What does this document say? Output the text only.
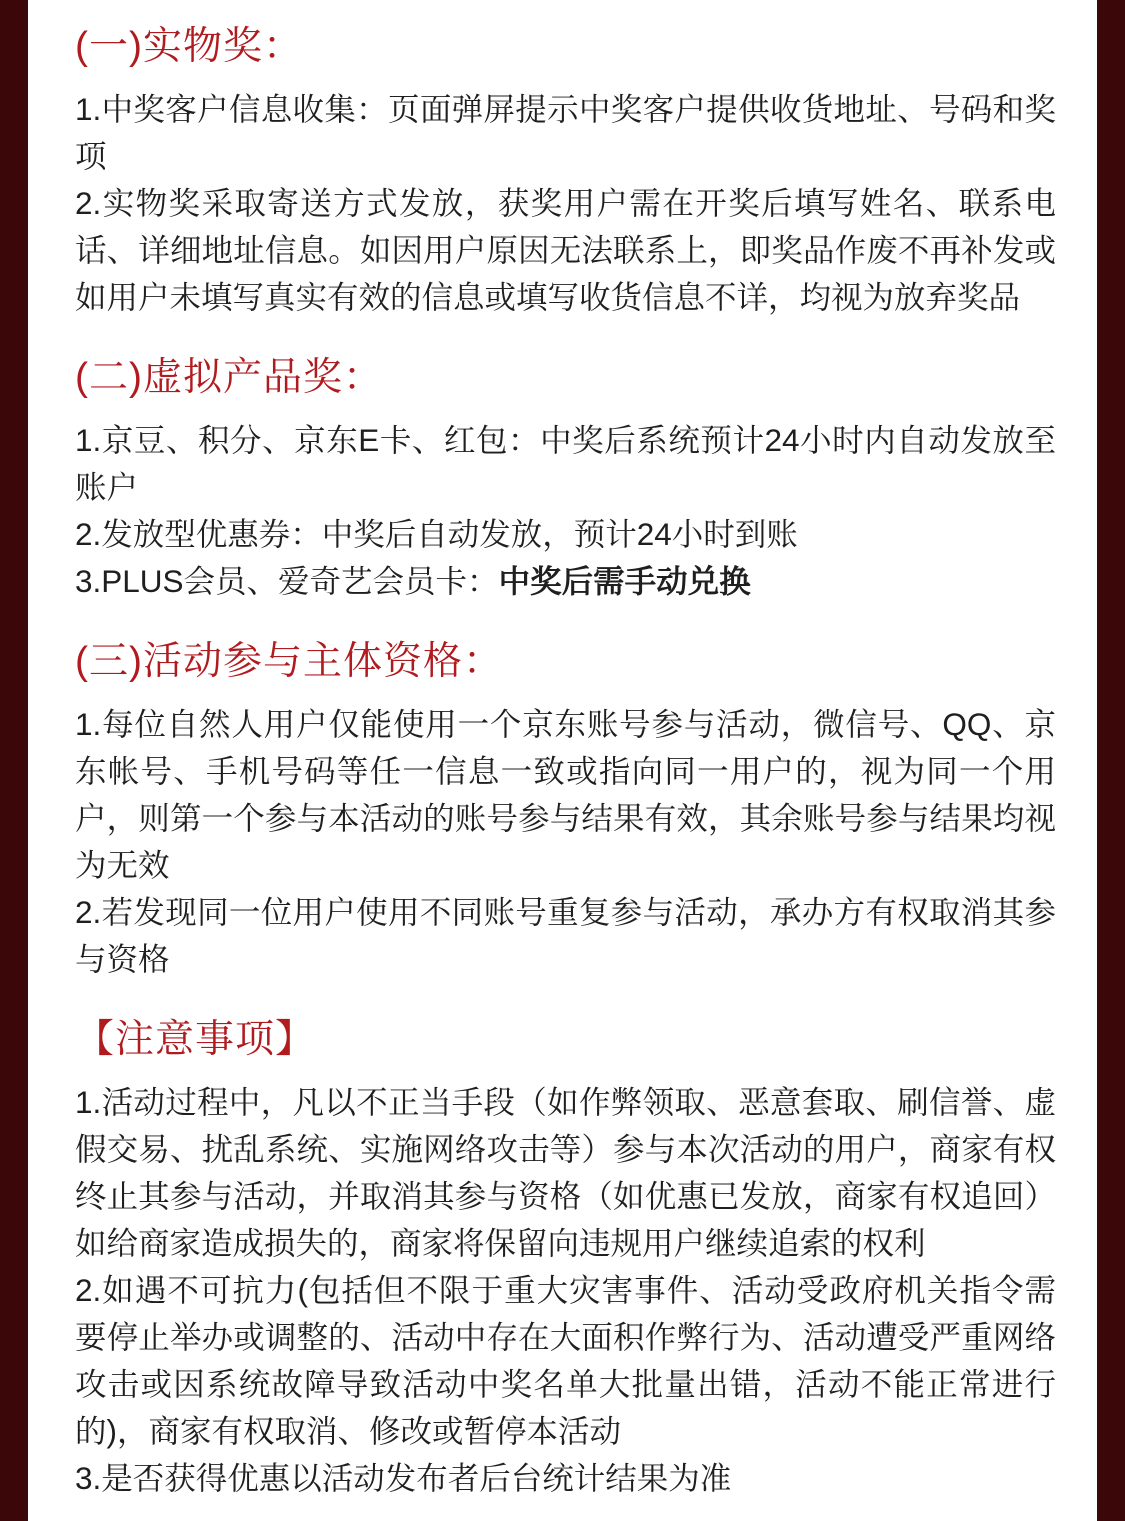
(一)实物奖：

1.中奖客户信息收集：页面弹屏提示中奖客户提供收货地址、号码和奖项

2.实物奖采取寄送方式发放，获奖用户需在开奖后填写姓名、联系电话、详细地址信息。如因用户原因无法联系上，即奖品作废不再补发或如用户未填写真实有效的信息或填写收货信息不详，均视为放弃奖品

(二)虚拟产品奖：

1.京豆、积分、京东E卡、红包：中奖后系统预计24小时内自动发放至账户

2.发放型优惠券：中奖后自动发放，预计24小时到账

3.PLUS会员、爱奇艺会员卡：中奖后需手动兑换

(三)活动参与主体资格：

1.每位自然人用户仅能使用一个京东账号参与活动，微信号、QQ、京东帐号、手机号码等任一信息一致或指向同一用户的，视为同一个用户，则第一个参与本活动的账号参与结果有效，其余账号参与结果均视为无效

2.若发现同一位用户使用不同账号重复参与活动，承办方有权取消其参与资格

【注意事项】

1.活动过程中，凡以不正当手段（如作弊领取、恶意套取、刷信誉、虚假交易、扰乱系统、实施网络攻击等）参与本次活动的用户，商家有权终止其参与活动，并取消其参与资格（如优惠已发放，商家有权追回）如给商家造成损失的，商家将保留向违规用户继续追索的权利

2.如遇不可抗力(包括但不限于重大灾害事件、活动受政府机关指令需要停止举办或调整的、活动中存在大面积作弊行为、活动遭受严重网络攻击或因系统故障导致活动中奖名单大批量出错，活动不能正常进行的)，商家有权取消、修改或暂停本活动

3.是否获得优惠以活动发布者后台统计结果为准
